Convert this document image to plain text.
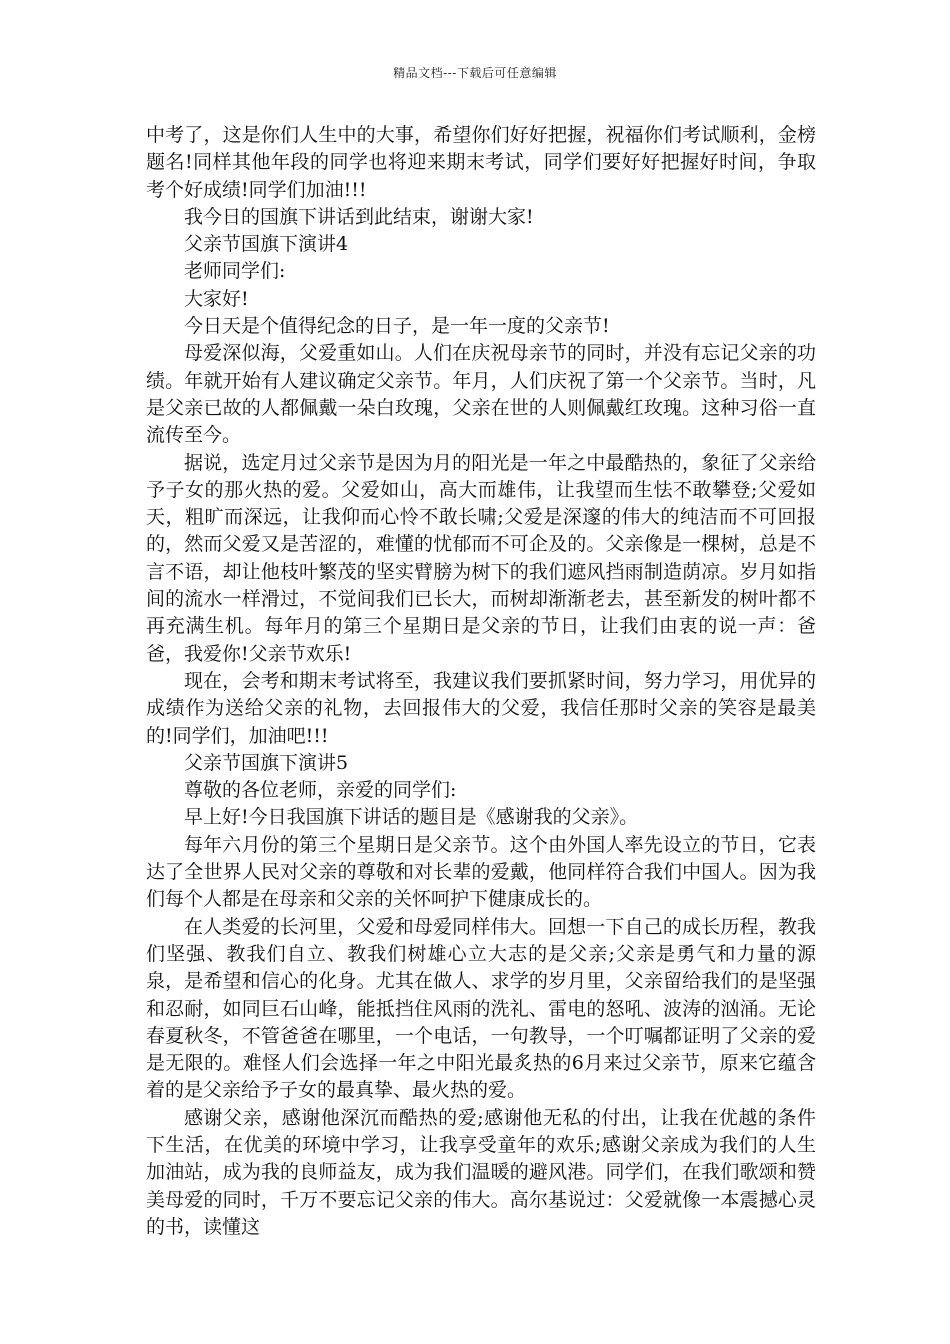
精品文档---下载后可任意编辑

中考了，这是你们人生中的大事，希望你们好好把握，祝福你们考试顺利，金榜题名!同样其他年段的同学也将迎来期末考试，同学们要好好把握好时间，争取考个好成绩!同学们加油!!!

我今日的国旗下讲话到此结束，谢谢大家!

父亲节国旗下演讲4

老师同学们:

大家好!

今日天是个值得纪念的日子，是一年一度的父亲节!

母爱深似海，父爱重如山。人们在庆祝母亲节的同时，并没有忘记父亲的功绩。年就开始有人建议确定父亲节。年月，人们庆祝了第一个父亲节。当时，凡是父亲已故的人都佩戴一朵白玫瑰，父亲在世的人则佩戴红玫瑰。这种习俗一直流传至今。

据说，选定月过父亲节是因为月的阳光是一年之中最酷热的，象征了父亲给予子女的那火热的爱。父爱如山，高大而雄伟，让我望而生怯不敢攀登;父爱如天，粗旷而深远，让我仰而心怜不敢长啸;父爱是深邃的伟大的纯洁而不可回报的，然而父爱又是苦涩的，难懂的忧郁而不可企及的。父亲像是一棵树，总是不言不语，却让他枝叶繁茂的坚实臂膀为树下的我们遮风挡雨制造荫凉。岁月如指间的流水一样滑过，不觉间我们已长大，而树却渐渐老去，甚至新发的树叶都不再充满生机。每年月的第三个星期日是父亲的节日，让我们由衷的说一声：爸爸，我爱你!父亲节欢乐!

现在，会考和期末考试将至，我建议我们要抓紧时间，努力学习，用优异的成绩作为送给父亲的礼物，去回报伟大的父爱，我信任那时父亲的笑容是最美的!同学们，加油吧!!!

父亲节国旗下演讲5

尊敬的各位老师，亲爱的同学们:

早上好!今日我国旗下讲话的题目是《感谢我的父亲》。

每年六月份的第三个星期日是父亲节。这个由外国人率先设立的节日，它表达了全世界人民对父亲的尊敬和对长辈的爱戴，他同样符合我们中国人。因为我们每个人都是在母亲和父亲的关怀呵护下健康成长的。

在人类爱的长河里，父爱和母爱同样伟大。回想一下自己的成长历程，教我们坚强、教我们自立、教我们树雄心立大志的是父亲;父亲是勇气和力量的源泉，是希望和信心的化身。尤其在做人、求学的岁月里，父亲留给我们的是坚强和忍耐，如同巨石山峰，能抵挡住风雨的洗礼、雷电的怒吼、波涛的汹涌。无论春夏秋冬，不管爸爸在哪里，一个电话，一句教导，一个叮嘱都证明了父亲的爱是无限的。难怪人们会选择一年之中阳光最炙热的6月来过父亲节，原来它蕴含着的是父亲给予子女的最真挚、最火热的爱。

感谢父亲，感谢他深沉而酷热的爱;感谢他无私的付出，让我在优越的条件下生活，在优美的环境中学习，让我享受童年的欢乐;感谢父亲成为我们的人生加油站，成为我的良师益友，成为我们温暖的避风港。同学们，在我们歌颂和赞美母爱的同时，千万不要忘记父亲的伟大。高尔基说过：父爱就像一本震撼心灵的书，读懂这
